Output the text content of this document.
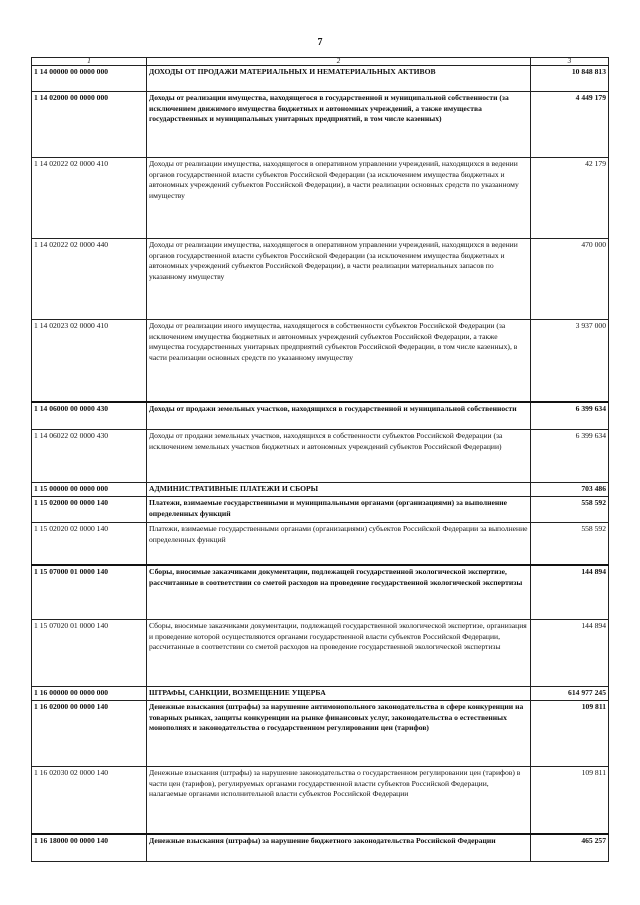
7
1	2	3
1 14 00000 00 0000 000	ДОХОДЫ ОТ ПРОДАЖИ МАТЕРИАЛЬНЫХ И НЕМАТЕРИАЛЬНЫХ АКТИВОВ	10 848 813
1 14 02000 00 0000 000	Доходы от реализации имущества, находящегося в государственной и муниципальной собственности (за исключением движимого имущества бюджетных и автономных учреждений, а также имущества государственных и муниципальных унитарных предприятий, в том числе казенных)	4 449 179
1 14 02022 02 0000 410	Доходы от реализации имущества, находящегося в оперативном управлении учреждений, находящихся в ведении органов государственной власти субъектов Российской Федерации (за исключением имущества бюджетных и автономных учреждений субъектов Российской Федерации), в части реализации основных средств по указанному имуществу	42 179
1 14 02022 02 0000 440	Доходы от реализации имущества, находящегося в оперативном управлении учреждений, находящихся в ведении органов государственной власти субъектов Российской Федерации (за исключением имущества бюджетных и автономных учреждений субъектов Российской Федерации), в части реализации материальных запасов по указанному имуществу	470 000
1 14 02023 02 0000 410	Доходы от реализации иного имущества, находящегося в собственности субъектов Российской Федерации (за исключением имущества бюджетных и автономных учреждений субъектов Российской Федерации, а также имущества государственных унитарных предприятий субъектов Российской Федерации, в том числе казенных), в части реализации основных средств по указанному имуществу	3 937 000
1 14 06000 00 0000 430	Доходы от продажи земельных участков, находящихся в государственной и муниципальной собственности	6 399 634
1 14 06022 02 0000 430	Доходы от продажи земельных участков, находящихся в собственности субъектов Российской Федерации (за исключением земельных участков бюджетных и автономных учреждений субъектов Российской Федерации)	6 399 634
1 15 00000 00 0000 000	АДМИНИСТРАТИВНЫЕ ПЛАТЕЖИ И СБОРЫ	703 486
1 15 02000 00 0000 140	Платежи, взимаемые государственными и муниципальными органами (организациями) за выполнение определенных функций	558 592
1 15 02020 02 0000 140	Платежи, взимаемые государственными органами (организациями) субъектов Российской Федерации за выполнение определенных функций	558 592
1 15 07000 01 0000 140	Сборы, вносимые заказчиками документации, подлежащей государственной экологической экспертизе, рассчитанные в соответствии со сметой расходов на проведение государственной экологической экспертизы	144 894
1 15 07020 01 0000 140	Сборы, вносимые заказчиками документации, подлежащей государственной экологической экспертизе, организация и проведение которой осуществляются органами государственной власти субъектов Российской Федерации, рассчитанные в соответствии со сметой расходов на проведение государственной экологической экспертизы	144 894
1 16 00000 00 0000 000	ШТРАФЫ, САНКЦИИ, ВОЗМЕЩЕНИЕ УЩЕРБА	614 977 245
1 16 02000 00 0000 140	Денежные взыскания (штрафы) за нарушение антимонопольного законодательства в сфере конкуренции на товарных рынках, защиты конкуренции на рынке финансовых услуг, законодательства о естественных монополиях и законодательства о государственном регулировании цен (тарифов)	109 811
1 16 02030 02 0000 140	Денежные взыскания (штрафы) за нарушение законодательства о государственном регулировании цен (тарифов) в части цен (тарифов), регулируемых органами государственной власти субъектов Российской Федерации, налагаемые органами исполнительной власти субъектов Российской Федерации	109 811
1 16 18000 00 0000 140	Денежные взыскания (штрафы) за нарушение бюджетного законодательства Российской Федерации	465 257
